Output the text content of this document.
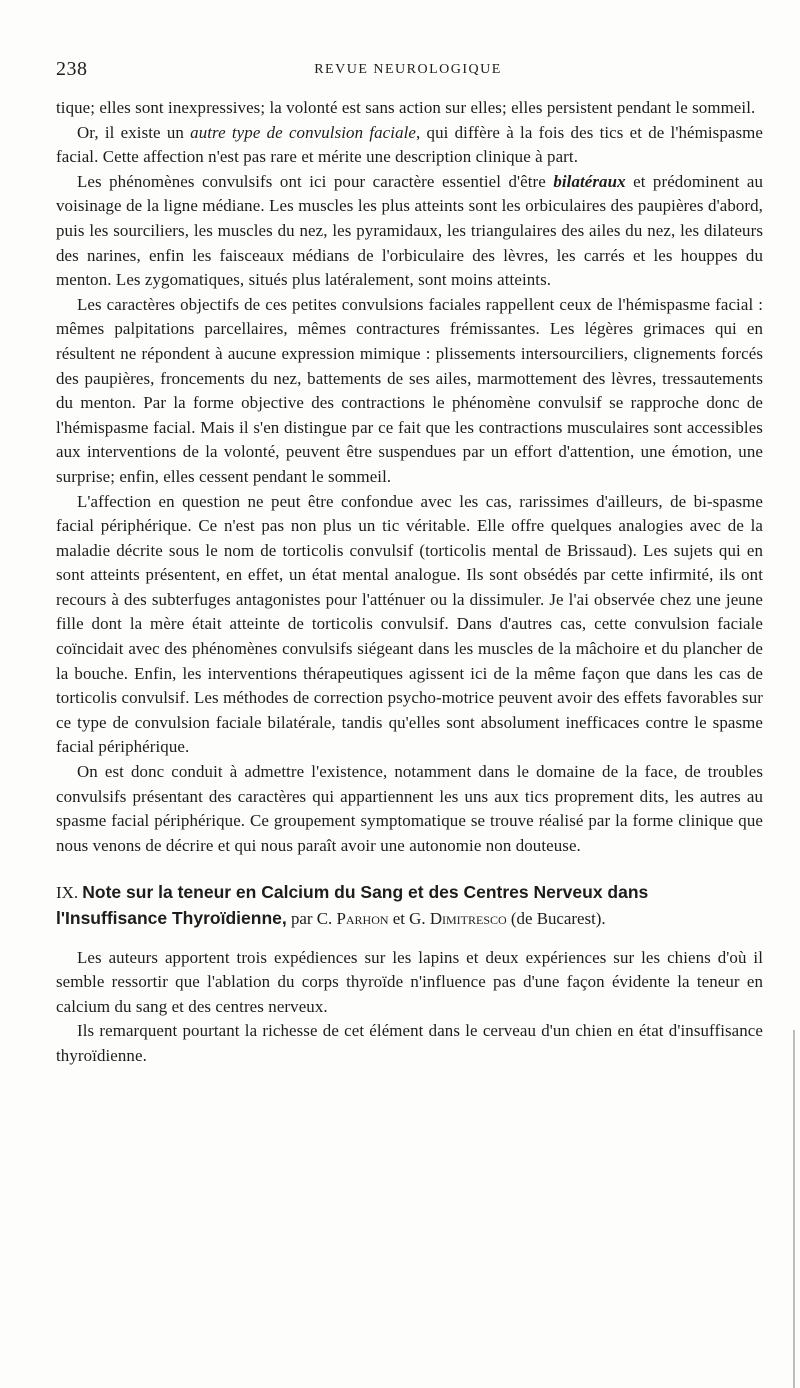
238	REVUE NEUROLOGIQUE

tique; elles sont inexpressives; la volonté est sans action sur elles; elles persistent pendant le sommeil.

Or, il existe un autre type de convulsion faciale, qui diffère à la fois des tics et de l'hémispasme facial. Cette affection n'est pas rare et mérite une description clinique à part.

Les phénomènes convulsifs ont ici pour caractère essentiel d'être bilatéraux et prédominent au voisinage de la ligne médiane. Les muscles les plus atteints sont les orbiculaires des paupières d'abord, puis les sourciliers, les muscles du nez, les pyramidaux, les triangulaires des ailes du nez, les dilateurs des narines, enfin les faisceaux médians de l'orbiculaire des lèvres, les carrés et les houppes du menton. Les zygomatiques, situés plus latéralement, sont moins atteints.

Les caractères objectifs de ces petites convulsions faciales rappellent ceux de l'hémispasme facial : mêmes palpitations parcellaires, mêmes contractures frémissantes. Les légères grimaces qui en résultent ne répondent à aucune expression mimique : plissements intersourciliers, clignements forcés des paupières, froncements du nez, battements de ses ailes, marmottement des lèvres, tressautements du menton. Par la forme objective des contractions le phénomène convulsif se rapproche donc de l'hémispasme facial. Mais il s'en distingue par ce fait que les contractions musculaires sont accessibles aux interventions de la volonté, peuvent être suspendues par un effort d'attention, une émotion, une surprise; enfin, elles cessent pendant le sommeil.

L'affection en question ne peut être confondue avec les cas, rarissimes d'ailleurs, de bi-spasme facial périphérique. Ce n'est pas non plus un tic véritable. Elle offre quelques analogies avec de la maladie décrite sous le nom de torticolis convulsif (torticolis mental de Brissaud). Les sujets qui en sont atteints présentent, en effet, un état mental analogue. Ils sont obsédés par cette infirmité, ils ont recours à des subterfuges antagonistes pour l'atténuer ou la dissimuler. Je l'ai observée chez une jeune fille dont la mère était atteinte de torticolis convulsif. Dans d'autres cas, cette convulsion faciale coïncidait avec des phénomènes convulsifs siégeant dans les muscles de la mâchoire et du plancher de la bouche. Enfin, les interventions thérapeutiques agissent ici de la même façon que dans les cas de torticolis convulsif. Les méthodes de correction psycho-motrice peuvent avoir des effets favorables sur ce type de convulsion faciale bilatérale, tandis qu'elles sont absolument inefficaces contre le spasme facial périphérique.

On est donc conduit à admettre l'existence, notamment dans le domaine de la face, de troubles convulsifs présentant des caractères qui appartiennent les uns aux tics proprement dits, les autres au spasme facial périphérique. Ce groupement symptomatique se trouve réalisé par la forme clinique que nous venons de décrire et qui nous paraît avoir une autonomie non douteuse.

IX. Note sur la teneur en Calcium du Sang et des Centres Nerveux dans l'Insuffisance Thyroïdienne, par C. Parhon et G. Dimitresco (de Bucarest).

Les auteurs apportent trois expédiences sur les lapins et deux expériences sur les chiens d'où il semble ressortir que l'ablation du corps thyroïde n'influence pas d'une façon évidente la teneur en calcium du sang et des centres nerveux.

Ils remarquent pourtant la richesse de cet élément dans le cerveau d'un chien en état d'insuffisance thyroïdienne.
